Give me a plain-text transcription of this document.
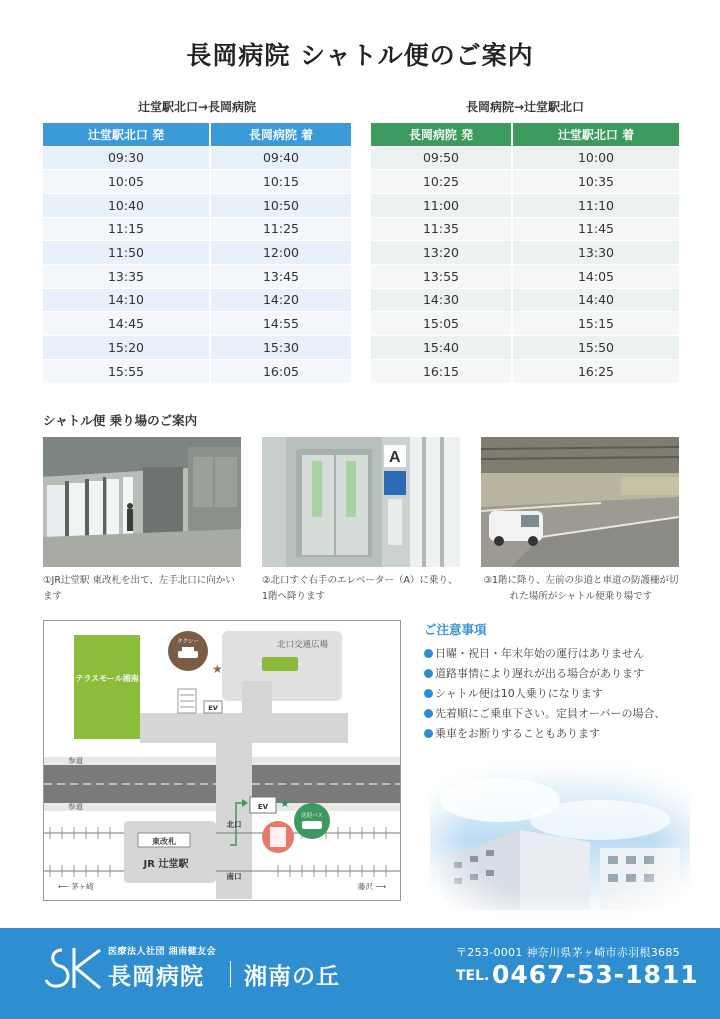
長岡病院 シャトル便のご案内
辻堂駅北口→長岡病院	長岡病院→辻堂駅北口
辻堂駅北口 発	長岡病院 着
09:30	09:40
10:05	10:15
10:40	10:50
11:15	11:25
11:50	12:00
13:35	13:45
14:10	14:20
14:45	14:55
15:20	15:30
15:55	16:05
長岡病院 発	辻堂駅北口 着
09:50	10:00
10:25	10:35
11:00	11:10
11:35	11:45
13:20	13:30
13:55	14:05
14:30	14:40
15:05	15:15
15:40	15:50
16:15	16:25
シャトル便 乗り場のご案内
A
①JR辻堂駅 東改札を出て、左手北口に向かいます
②北口すぐ右手のエレベーター（A）に乗り、1階へ降ります
③1階に降り、左前の歩道と車道の防護柵が切れた場所がシャトル便乗り場です
北口交通広場
テラスモール湘南
EV
タクシー
★
参道
参道	EV ★
東改札
JR 辻堂駅
北口
南口
送迎バス
⟵ 茅ヶ崎	藤沢 ⟶
ご注意事項
日曜・祝日・年末年始の運行はありません
道路事情により遅れが出る場合があります
シャトル便は10人乗りになります
先着順にご乗車下さい。定員オーバーの場合、
乗車をお断りすることもあります
医療法人社団 湘南健友会
長岡病院 湘南の丘
〒253-0001 神奈川県茅ヶ崎市赤羽根3685
TEL. 0467-53-1811
